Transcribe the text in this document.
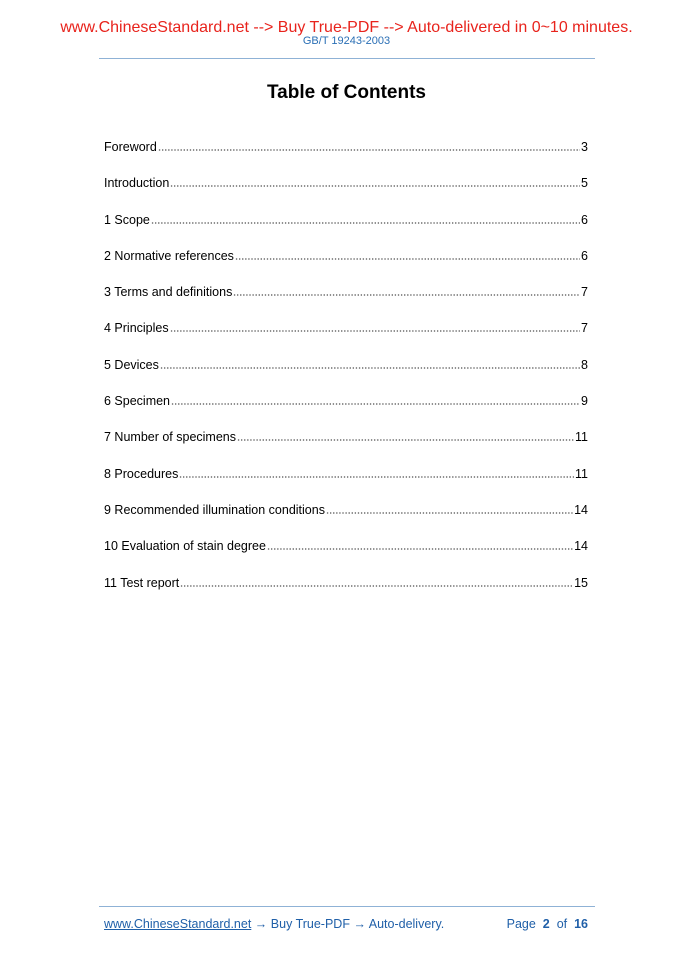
www.ChineseStandard.net --> Buy True-PDF --> Auto-delivered in 0~10 minutes.
GB/T 19243-2003
Table of Contents
Foreword	3
Introduction	5
1 Scope	6
2 Normative references	6
3 Terms and definitions	7
4 Principles	7
5 Devices	8
6 Specimen	9
7 Number of specimens	11
8 Procedures	11
9 Recommended illumination conditions	14
10 Evaluation of stain degree	14
11 Test report	15
www.ChineseStandard.net → Buy True-PDF → Auto-delivery.	Page 2 of 16
